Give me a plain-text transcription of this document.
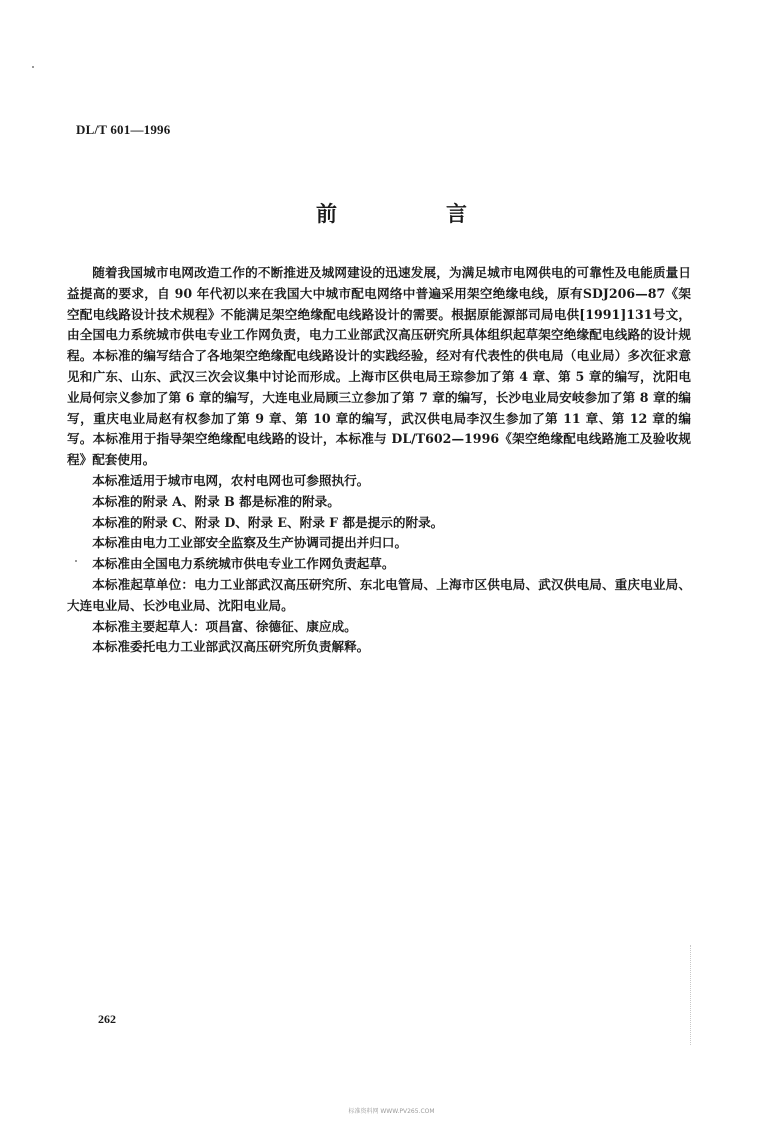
DL/T 601—1996
前　言

随着我国城市电网改造工作的不断推进及城网建设的迅速发展，为满足城市电网供电的可靠性及电能质量日益提高的要求，自 90 年代初以来在我国大中城市配电网络中普遍采用架空绝缘电线，原有SDJ206—87《架空配电线路设计技术规程》不能满足架空绝缘配电线路设计的需要。根据原能源部司局电供[1991]131号文，由全国电力系统城市供电专业工作网负责，电力工业部武汉高压研究所具体组织起草架空绝缘配电线路的设计规程。本标准的编写结合了各地架空绝缘配电线路设计的实践经验，经对有代表性的供电局（电业局）多次征求意见和广东、山东、武汉三次会议集中讨论而形成。上海市区供电局王琮参加了第 4 章、第 5 章的编写，沈阳电业局何宗义参加了第 6 章的编写，大连电业局顾三立参加了第 7 章的编写，长沙电业局安岐参加了第 8 章的编写，重庆电业局赵有权参加了第 9 章、第 10 章的编写，武汉供电局李汉生参加了第 11 章、第 12 章的编写。本标准用于指导架空绝缘配电线路的设计，本标准与 DL/T602—1996《架空绝缘配电线路施工及验收规程》配套使用。

本标准适用于城市电网，农村电网也可参照执行。

本标准的附录 A、附录 B 都是标准的附录。

本标准的附录 C、附录 D、附录 E、附录 F 都是提示的附录。

本标准由电力工业部安全监察及生产协调司提出并归口。

本标准由全国电力系统城市供电专业工作网负责起草。

本标准起草单位：电力工业部武汉高压研究所、东北电管局、上海市区供电局、武汉供电局、重庆电业局、大连电业局、长沙电业局、沈阳电业局。

本标准主要起草人：项昌富、徐德征、康应成。

本标准委托电力工业部武汉高压研究所负责解释。

262
标准资料网 WWW.PV265.COM
